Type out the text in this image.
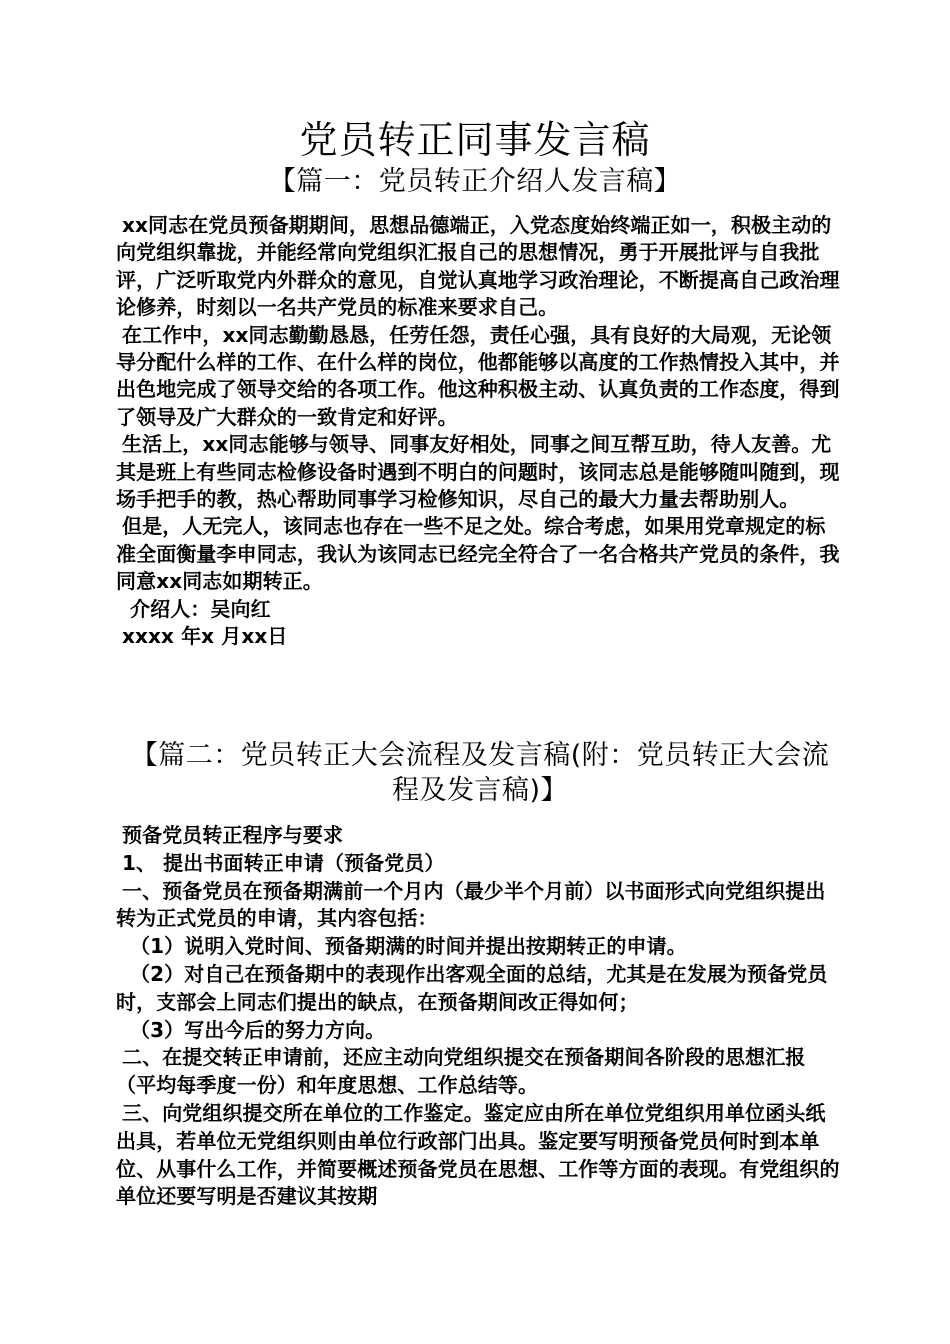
党员转正同事发言稿
【篇一：党员转正介绍人发言稿】

xx同志在党员预备期期间，思想品德端正，入党态度始终端正如一，积极主动的向党组织靠拢，并能经常向党组织汇报自己的思想情况，勇于开展批评与自我批评，广泛听取党内外群众的意见，自觉认真地学习政治理论，不断提高自己政治理论修养，时刻以一名共产党员的标准来要求自己。

在工作中，xx同志勤勤恳恳，任劳任怨，责任心强，具有良好的大局观，无论领导分配什么样的工作、在什么样的岗位，他都能够以高度的工作热情投入其中，并出色地完成了领导交给的各项工作。他这种积极主动、认真负责的工作态度，得到了领导及广大群众的一致肯定和好评。

生活上，xx同志能够与领导、同事友好相处，同事之间互帮互助，待人友善。尤其是班上有些同志检修设备时遇到不明白的问题时，该同志总是能够随叫随到，现场手把手的教，热心帮助同事学习检修知识，尽自己的最大力量去帮助别人。

但是，人无完人，该同志也存在一些不足之处。综合考虑，如果用党章规定的标准全面衡量李申同志，我认为该同志已经完全符合了一名合格共产党员的条件，我同意xx同志如期转正。

介绍人：吴向红

xxxx 年x 月xx日

【篇二：党员转正大会流程及发言稿(附：党员转正大会流程及发言稿)】

预备党员转正程序与要求

1、 提出书面转正申请（预备党员）

一、预备党员在预备期满前一个月内（最少半个月前）以书面形式向党组织提出转为正式党员的申请，其内容包括：

（1）说明入党时间、预备期满的时间并提出按期转正的申请。

（2）对自己在预备期中的表现作出客观全面的总结，尤其是在发展为预备党员时，支部会上同志们提出的缺点，在预备期间改正得如何；

（3）写出今后的努力方向。

二、在提交转正申请前，还应主动向党组织提交在预备期间各阶段的思想汇报（平均每季度一份）和年度思想、工作总结等。

三、向党组织提交所在单位的工作鉴定。鉴定应由所在单位党组织用单位函头纸出具，若单位无党组织则由单位行政部门出具。鉴定要写明预备党员何时到本单位、从事什么工作，并简要概述预备党员在思想、工作等方面的表现。有党组织的单位还要写明是否建议其按期
